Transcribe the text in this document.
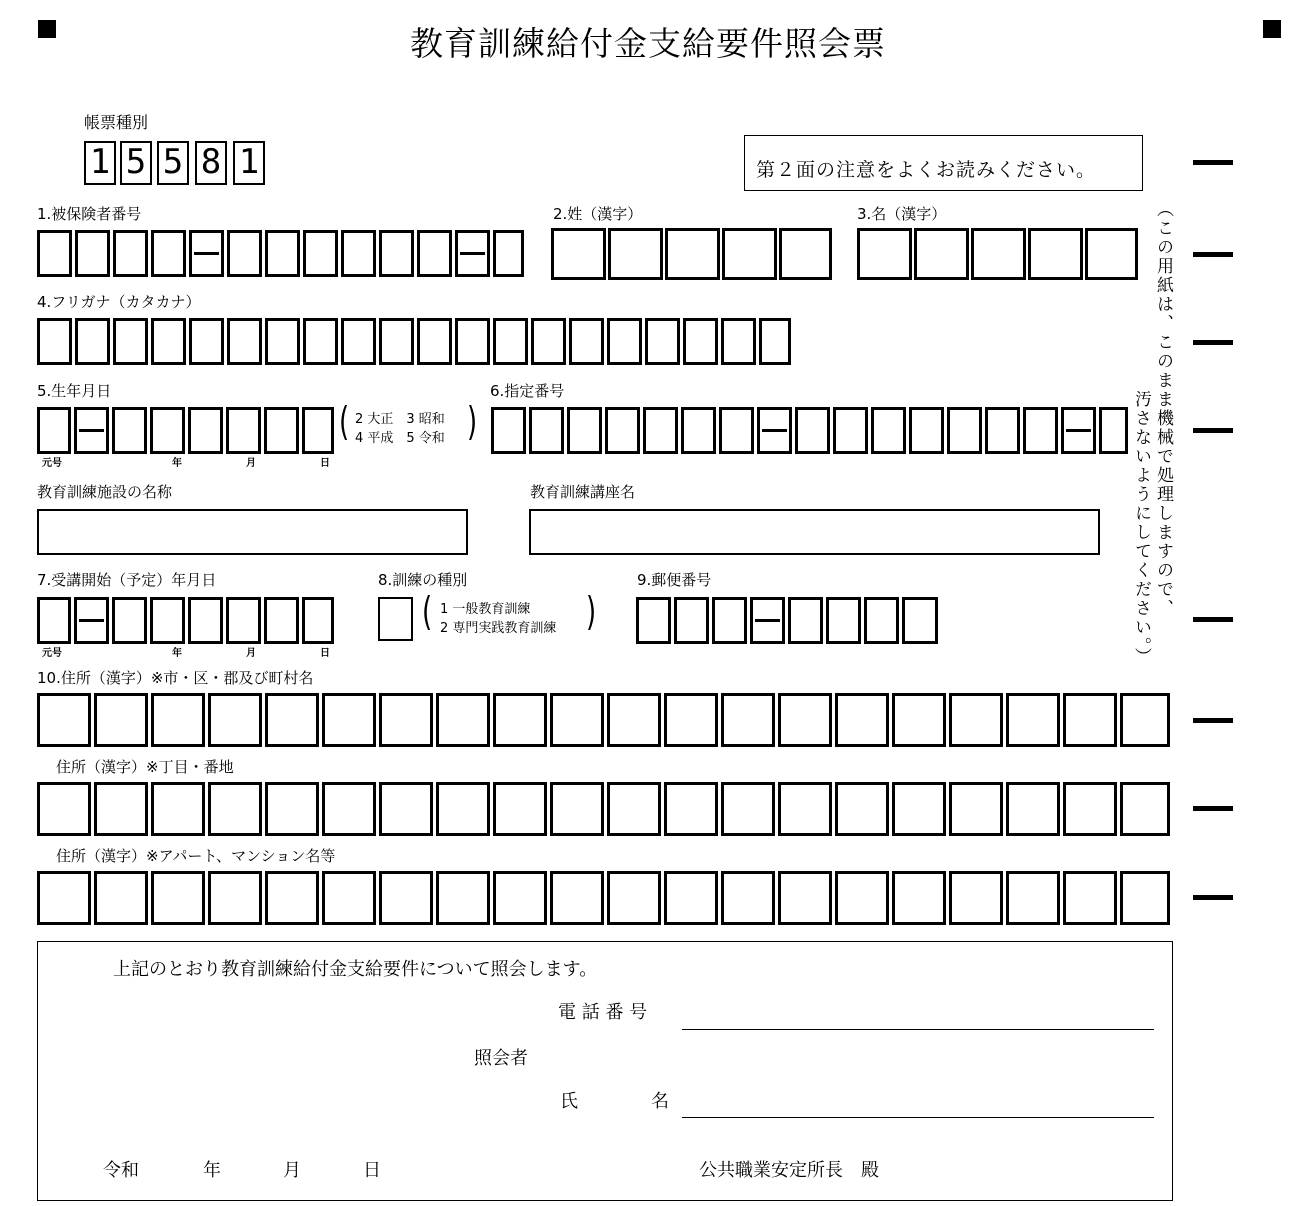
教育訓練給付金支給要件照会票
帳票種別
1 5 5 8 1	第２面の注意をよくお読みください。
（この用紙は、このまま機械で処理しますので、
汚さないようにしてください。）
1.被保険者番号	2.姓（漢字）	3.名（漢字）
4.フリガナ（カタカナ）
5.生年月日	6.指定番号
教育訓練施設の名称	教育訓練講座名
7.受講開始（予定）年月日	8.訓練の種別	9.郵便番号
10.住所（漢字）※市・区・郡及び町村名
住所（漢字）※丁目・番地
住所（漢字）※アパート、マンション名等
( 2 大正　3 昭和
4 平成　5 令和 )
元号	年	月	日
元号	年	月	日
( 1 一般教育訓練
2 専門実践教育訓練 )
上記のとおり教育訓練給付金支給要件について照会します。
電 話 番 号
照会者
氏	名
令和	年	月	日	公共職業安定所長　殿
